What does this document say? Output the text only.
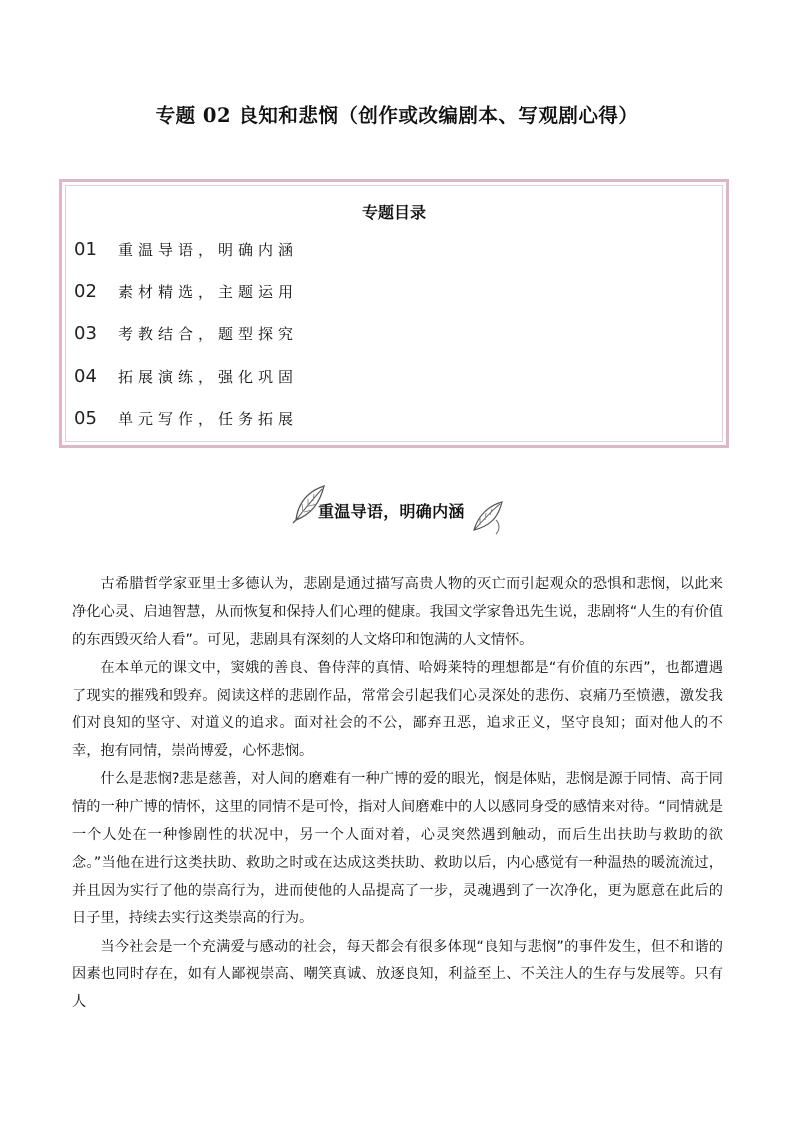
专题 02 良知和悲悯（创作或改编剧本、写观剧心得）
专题目录
01 重温导语，明确内涵
02 素材精选，主题运用
03 考教结合，题型探究
04 拓展演练，强化巩固
05 单元写作，任务拓展
重温导语，明确内涵

古希腊哲学家亚里士多德认为，悲剧是通过描写高贵人物的灭亡而引起观众的恐惧和悲悯，以此来净化心灵、启迪智慧，从而恢复和保持人们心理的健康。我国文学家鲁迅先生说，悲剧将“人生的有价值的东西毁灭给人看”。可见，悲剧具有深刻的人文烙印和饱满的人文情怀。

在本单元的课文中，窦娥的善良、鲁侍萍的真情、哈姆莱特的理想都是“有价值的东西”，也都遭遇了现实的摧残和毁弃。阅读这样的悲剧作品，常常会引起我们心灵深处的悲伤、哀痛乃至愤懑，激发我们对良知的坚守、对道义的追求。面对社会的不公，鄙弃丑恶，追求正义，坚守良知；面对他人的不幸，抱有同情，崇尚博爱，心怀悲悯。

什么是悲悯?悲是慈善，对人间的磨难有一种广博的爱的眼光，悯是体贴，悲悯是源于同情、高于同情的一种广博的情怀，这里的同情不是可怜，指对人间磨难中的人以感同身受的感情来对待。“同情就是一个人处在一种惨剧性的状况中，另一个人面对着，心灵突然遇到触动，而后生出扶助与救助的欲念。”当他在进行这类扶助、救助之时或在达成这类扶助、救助以后，内心感觉有一种温热的暖流流过，并且因为实行了他的崇高行为，进而使他的人品提高了一步，灵魂遇到了一次净化，更为愿意在此后的日子里，持续去实行这类崇高的行为。

当今社会是一个充满爱与感动的社会，每天都会有很多体现“良知与悲悯”的事件发生，但不和谐的因素也同时存在，如有人鄙视崇高、嘲笑真诚、放逐良知，利益至上、不关注人的生存与发展等。只有人
